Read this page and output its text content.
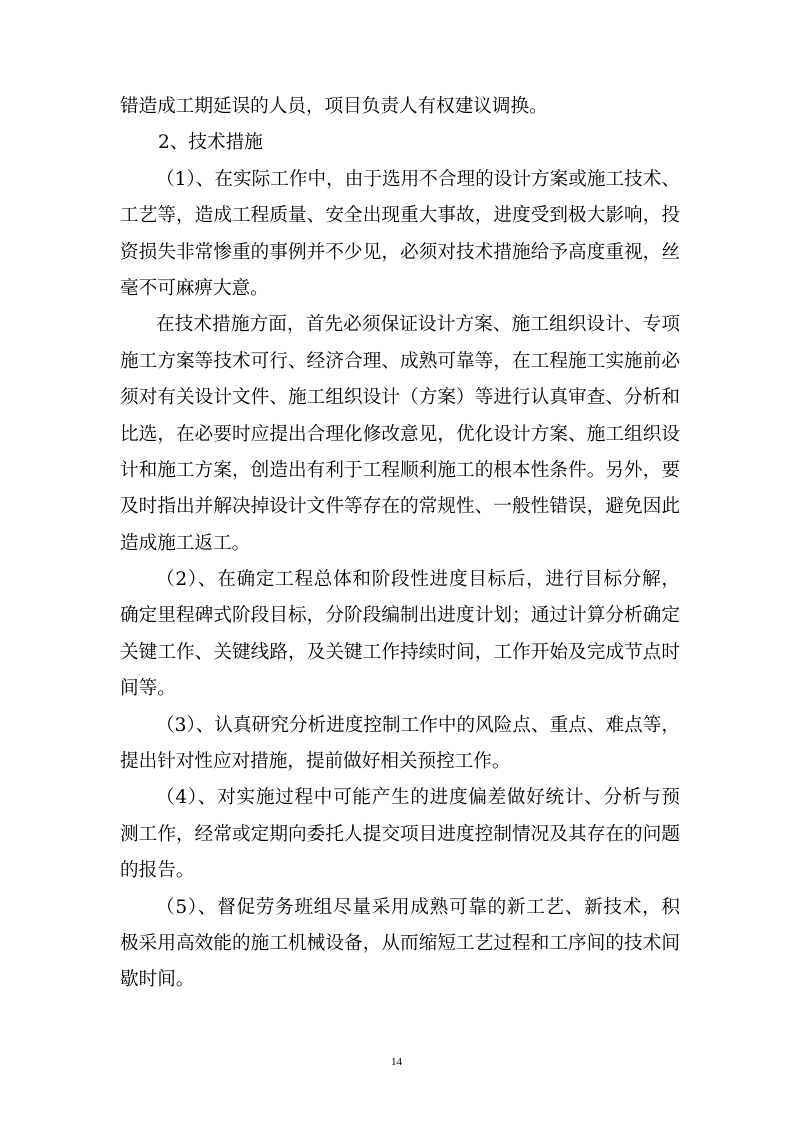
错造成工期延误的人员，项目负责人有权建议调换。
2、技术措施
（1）、在实际工作中，由于选用不合理的设计方案或施工技术、
工艺等，造成工程质量、安全出现重大事故，进度受到极大影响，投
资损失非常惨重的事例并不少见，必须对技术措施给予高度重视，丝
毫不可麻痹大意。
在技术措施方面，首先必须保证设计方案、施工组织设计、专项
施工方案等技术可行、经济合理、成熟可靠等，在工程施工实施前必
须对有关设计文件、施工组织设计（方案）等进行认真审查、分析和
比选，在必要时应提出合理化修改意见，优化设计方案、施工组织设
计和施工方案，创造出有利于工程顺利施工的根本性条件。另外，要
及时指出并解决掉设计文件等存在的常规性、一般性错误，避免因此
造成施工返工。
（2）、在确定工程总体和阶段性进度目标后，进行目标分解，
确定里程碑式阶段目标，分阶段编制出进度计划；通过计算分析确定
关键工作、关键线路，及关键工作持续时间，工作开始及完成节点时
间等。
（3）、认真研究分析进度控制工作中的风险点、重点、难点等，
提出针对性应对措施，提前做好相关预控工作。
（4）、对实施过程中可能产生的进度偏差做好统计、分析与预
测工作，经常或定期向委托人提交项目进度控制情况及其存在的问题
的报告。
（5）、督促劳务班组尽量采用成熟可靠的新工艺、新技术，积
极采用高效能的施工机械设备，从而缩短工艺过程和工序间的技术间
歇时间。
14
